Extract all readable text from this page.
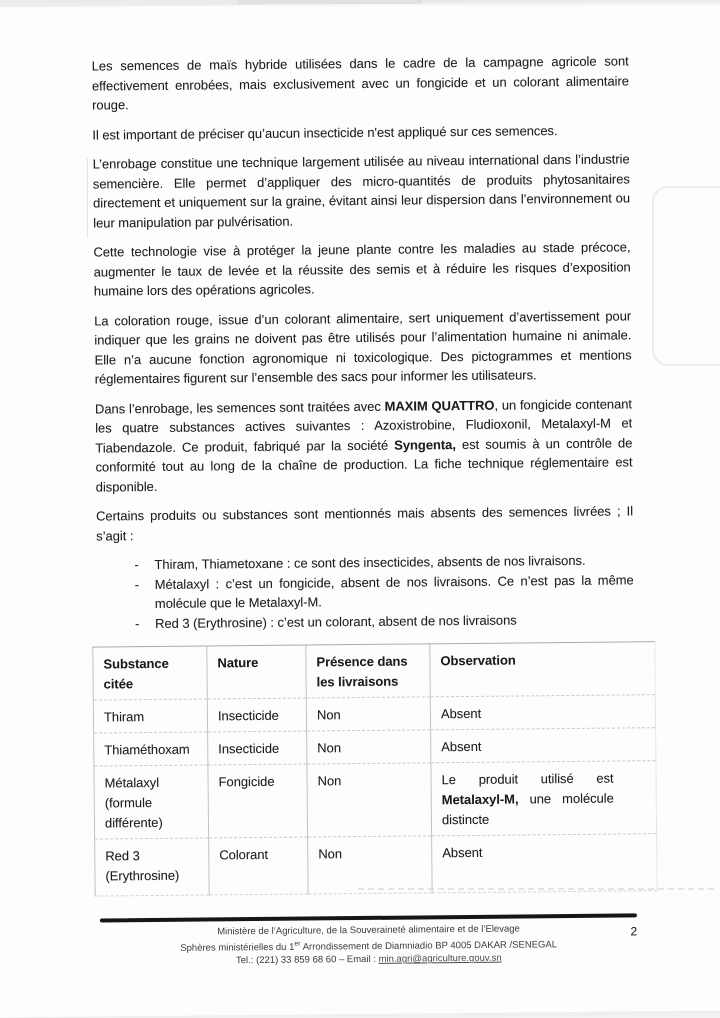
Les semences de maïs hybride utilisées dans le cadre de la campagne agricole sont effectivement enrobées, mais exclusivement avec un fongicide et un colorant alimentaire rouge.

Il est important de préciser qu’aucun insecticide n'est appliqué sur ces semences.

L’enrobage constitue une technique largement utilisée au niveau international dans l’industrie semencière. Elle permet d’appliquer des micro-quantités de produits phytosanitaires directement et uniquement sur la graine, évitant ainsi leur dispersion dans l’environnement ou leur manipulation par pulvérisation.

Cette technologie vise à protéger la jeune plante contre les maladies au stade précoce, augmenter le taux de levée et la réussite des semis et à réduire les risques d’exposition humaine lors des opérations agricoles.

La coloration rouge, issue d’un colorant alimentaire, sert uniquement d’avertissement pour indiquer que les grains ne doivent pas être utilisés pour l’alimentation humaine ni animale. Elle n’a aucune fonction agronomique ni toxicologique. Des pictogrammes et mentions réglementaires figurent sur l’ensemble des sacs pour informer les utilisateurs.

Dans l’enrobage, les semences sont traitées avec MAXIM QUATTRO, un fongicide contenant les quatre substances actives suivantes : Azoxistrobine, Fludioxonil, Metalaxyl-M et Tiabendazole. Ce produit, fabriqué par la société Syngenta, est soumis à un contrôle de conformité tout au long de la chaîne de production. La fiche technique réglementaire est disponible.

Certains produits ou substances sont mentionnés mais absents des semences livrées ; Il s’agit :

-	Thiram, Thiametoxane : ce sont des insecticides, absents de nos livraisons.
-	Métalaxyl : c’est un fongicide, absent de nos livraisons. Ce n’est pas la même molécule que le Metalaxyl-M.
-	Red 3 (Erythrosine) : c’est un colorant, absent de nos livraisons
Substance citée	Nature	Présence dans les livraisons	Observation
Thiram	Insecticide	Non	Absent
Thiaméthoxam	Insecticide	Non	Absent
Métalaxyl (formule différente)	Fongicide	Non	Le produit utilisé est Metalaxyl-M, une molécule distincte

Red 3 (Erythrosine)	Colorant	Non	Absent
2
Ministère de l’Agriculture, de la Souveraineté alimentaire et de l’Elevage
Sphères ministérielles du 1er Arrondissement de Diamniadio BP 4005 DAKAR /SENEGAL
Tel.: (221) 33 859 68 60 – Email : min.agri@agriculture.gouv.sn
